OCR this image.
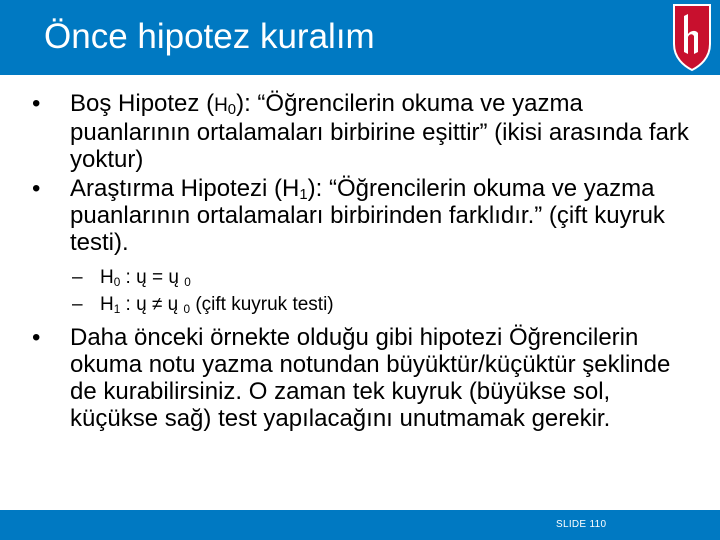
Önce hipotez kuralım
•	Boş Hipotez $(H_0)$: “Öğrencilerin okuma ve yazma puanlarının ortalamaları birbirine eşittir” (ikisi arasında fark yoktur)
•	Araştırma Hipotezi $(H_1)$: “Öğrencilerin okuma ve yazma puanlarının ortalamaları birbirinden farklıdır.” (çift kuyruk testi).
– $H_0$ : ų = ų $_0$
– $H_1$ : ų ≠ ų $_0$ (çift kuyruk testi)
•	Daha önceki örnekte olduğu gibi hipotezi Öğrencilerin okuma notu yazma notundan büyüktür/küçüktür şeklinde de kurabilirsiniz. O zaman tek kuyruk (büyükse sol, küçükse sağ) test yapılacağını unutmamak gerekir.
SLIDE 110
